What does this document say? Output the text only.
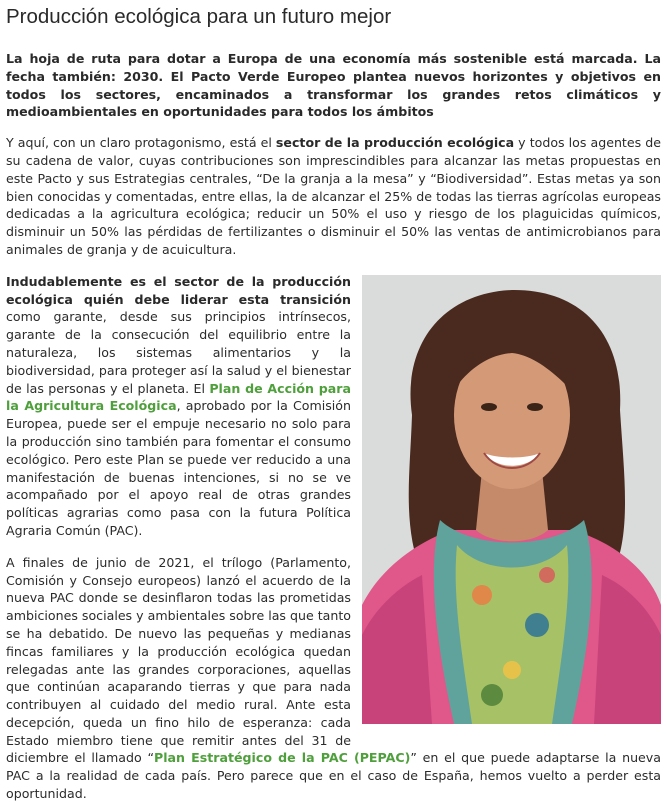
Producción ecológica para un futuro mejor

La hoja de ruta para dotar a Europa de una economía más sostenible está marcada. La fecha también: 2030. El Pacto Verde Europeo plantea nuevos horizontes y objetivos en todos los sectores, encaminados a transformar los grandes retos climáticos y medioambientales en oportunidades para todos los ámbitos

Y aquí, con un claro protagonismo, está el sector de la producción ecológica y todos los agentes de su cadena de valor, cuyas contribuciones son imprescindibles para alcanzar las metas propuestas en este Pacto y sus Estrategias centrales, “De la granja a la mesa” y “Biodiversidad”. Estas metas ya son bien conocidas y comentadas, entre ellas, la de alcanzar el 25% de todas las tierras agrícolas europeas dedicadas a la agricultura ecológica; reducir un 50% el uso y riesgo de los plaguicidas químicos, disminuir un 50% las pérdidas de fertilizantes o disminuir el 50% las ventas de antimicrobianos para animales de granja y de acuicultura.

Indudablemente es el sector de la producción ecológica quién debe liderar esta transición como garante, desde sus principios intrínsecos, garante de la consecución del equilibrio entre la naturaleza, los sistemas alimentarios y la biodiversidad, para proteger así la salud y el bienestar de las personas y el planeta. El Plan de Acción para la Agricultura Ecológica, aprobado por la Comisión Europea, puede ser el empuje necesario no solo para la producción sino también para fomentar el consumo ecológico. Pero este Plan se puede ver reducido a una manifestación de buenas intenciones, si no se ve acompañado por el apoyo real de otras grandes políticas agrarias como pasa con la futura Política Agraria Común (PAC).

A finales de junio de 2021, el trílogo (Parlamento, Comisión y Consejo europeos) lanzó el acuerdo de la nueva PAC donde se desinflaron todas las prometidas ambiciones sociales y ambientales sobre las que tanto se ha debatido. De nuevo las pequeñas y medianas fincas familiares y la producción ecológica quedan relegadas ante las grandes corporaciones, aquellas que continúan acaparando tierras y que para nada contribuyen al cuidado del medio rural. Ante esta decepción, queda un fino hilo de esperanza: cada Estado miembro tiene que remitir antes del 31 de diciembre el llamado “Plan Estratégico de la PAC (PEPAC)” en el que puede adaptarse la nueva PAC a la realidad de cada país. Pero parece que en el caso de España, hemos vuelto a perder esta oportunidad.
